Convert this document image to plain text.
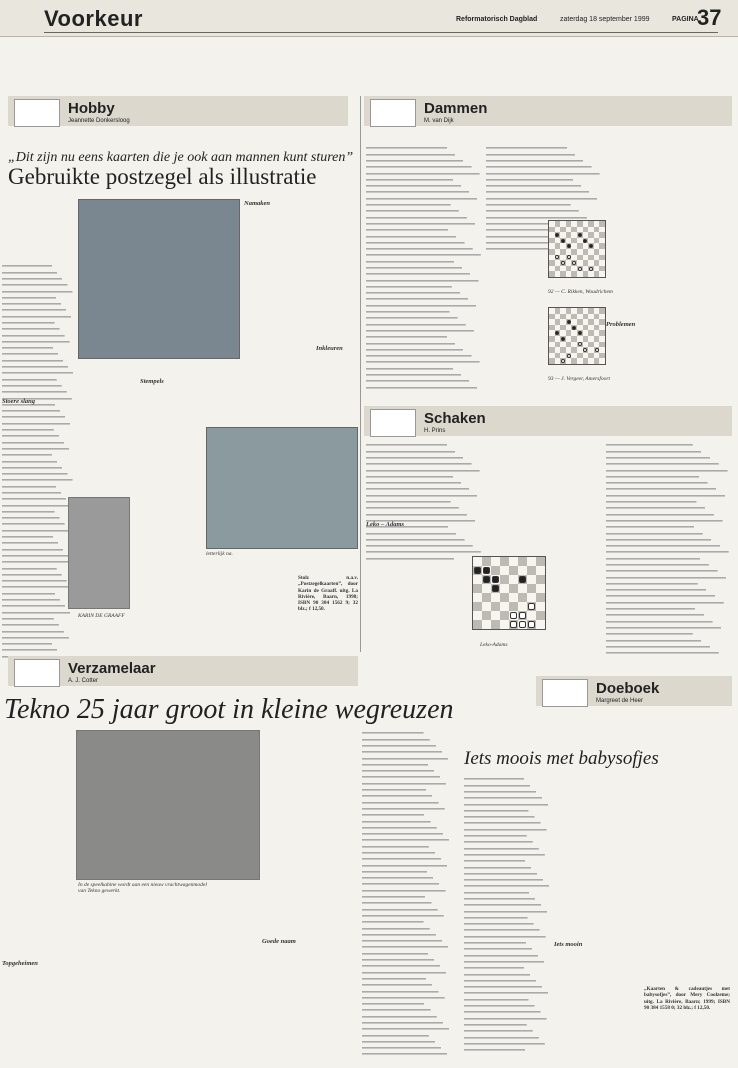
Voorkeur	Reformatorisch Dagblad	zaterdag 18 september 1999	PAGINA
37
Hobby
Jeannette Donkersloog
„Dit zijn nu eens kaarten die je ook aan mannen kunt sturen”
Gebruikte postzegel als illustratie
Namaken
Inkleuren
Stempels
Stoere slang
KARIN DE GRAAFF
letterlijk na.
Stolz n.a.v. „Postzegelkaarten”, door Karin de Graaff. uitg. La Rivière, Baarn, 1998; ISBN 90 384 1562 9; 32 blz.; f 12,50.
Dammen
M. van Dijk
Problemen
92 — C. Rikken, Woudrichem
93 — J. Vergeer, Amersfoort
Schaken
H. Prins
Leko – Adams
Leko-Adams
Verzamelaar
A. J. Cotter
Tekno 25 jaar groot in kleine wegreuzen
Topgeheimen
In de speelkabine wordt aan een nieuw vrachtwagenmodel van Tekno gewerkt.
Goede naam
Doeboek
Margreet de Heer
Iets moois met babysofjes
Iets mooin
„Kaarten & cadeautjes met babysofjes”, door Mery Coolzeme; uitg. La Rivière, Baarn; 1999; ISBN 90 384 1558 0; 32 blz.; f 12,50.
